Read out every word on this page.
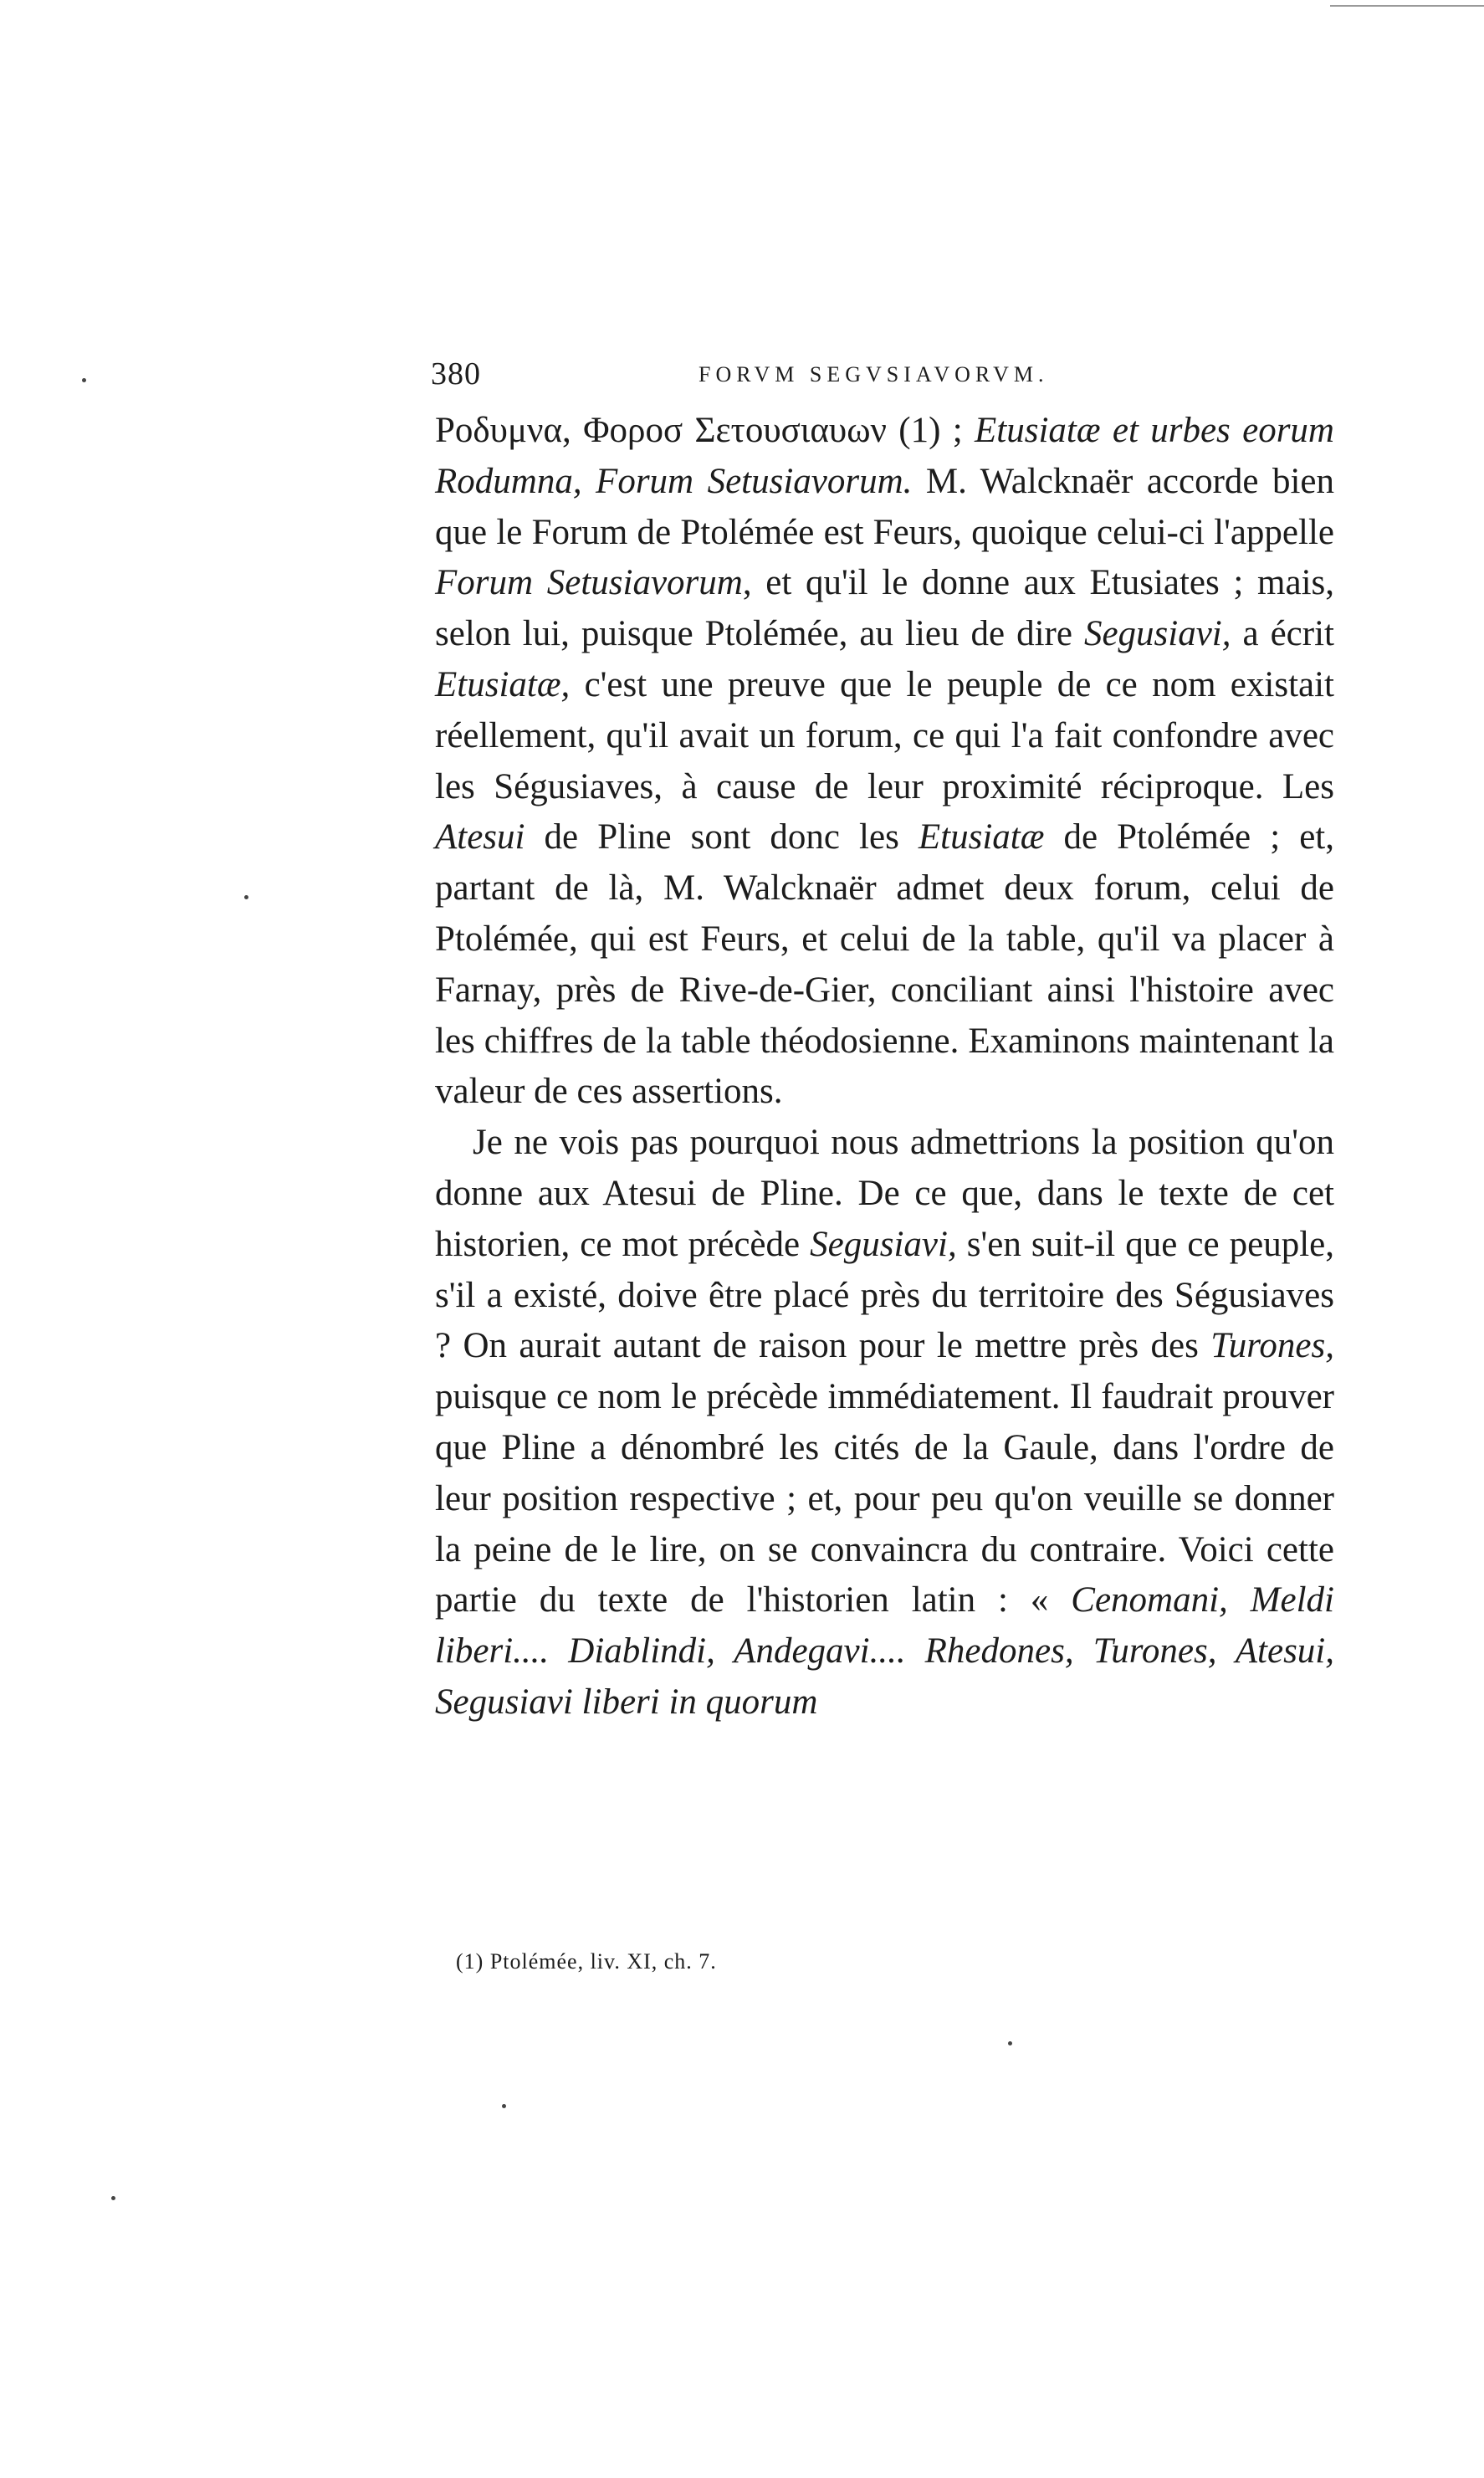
380	FORVM SEGVSIAVORVM.

Ροδυμνα, Φοροσ Σετουσιαυων (1) ; Etusiatæ et urbes eorum Rodumna, Forum Setusiavorum. M. Walcknaër accorde bien que le Forum de Ptolémée est Feurs, quoique celui-ci l'appelle Forum Setusiavorum, et qu'il le donne aux Etusiates ; mais, selon lui, puisque Ptolémée, au lieu de dire Segusiavi, a écrit Etusiatæ, c'est une preuve que le peuple de ce nom existait réellement, qu'il avait un forum, ce qui l'a fait confondre avec les Ségusiaves, à cause de leur proximité réciproque. Les Atesui de Pline sont donc les Etusiatæ de Ptolémée ; et, partant de là, M. Walcknaër admet deux forum, celui de Ptolémée, qui est Feurs, et celui de la table, qu'il va placer à Farnay, près de Rive-de-Gier, conciliant ainsi l'histoire avec les chiffres de la table théodosienne. Examinons maintenant la valeur de ces assertions.

Je ne vois pas pourquoi nous admettrions la position qu'on donne aux Atesui de Pline. De ce que, dans le texte de cet historien, ce mot précède Segusiavi, s'en suit-il que ce peuple, s'il a existé, doive être placé près du territoire des Ségusiaves ? On aurait autant de raison pour le mettre près des Turones, puisque ce nom le précède immédiatement. Il faudrait prouver que Pline a dénombré les cités de la Gaule, dans l'ordre de leur position respective ; et, pour peu qu'on veuille se donner la peine de le lire, on se convaincra du contraire. Voici cette partie du texte de l'historien latin : « Cenomani, Meldi liberi.... Diablindi, Andegavi.... Rhedones, Turones, Atesui, Segusiavi liberi in quorum

(1) Ptolémée, liv. XI, ch. 7.
